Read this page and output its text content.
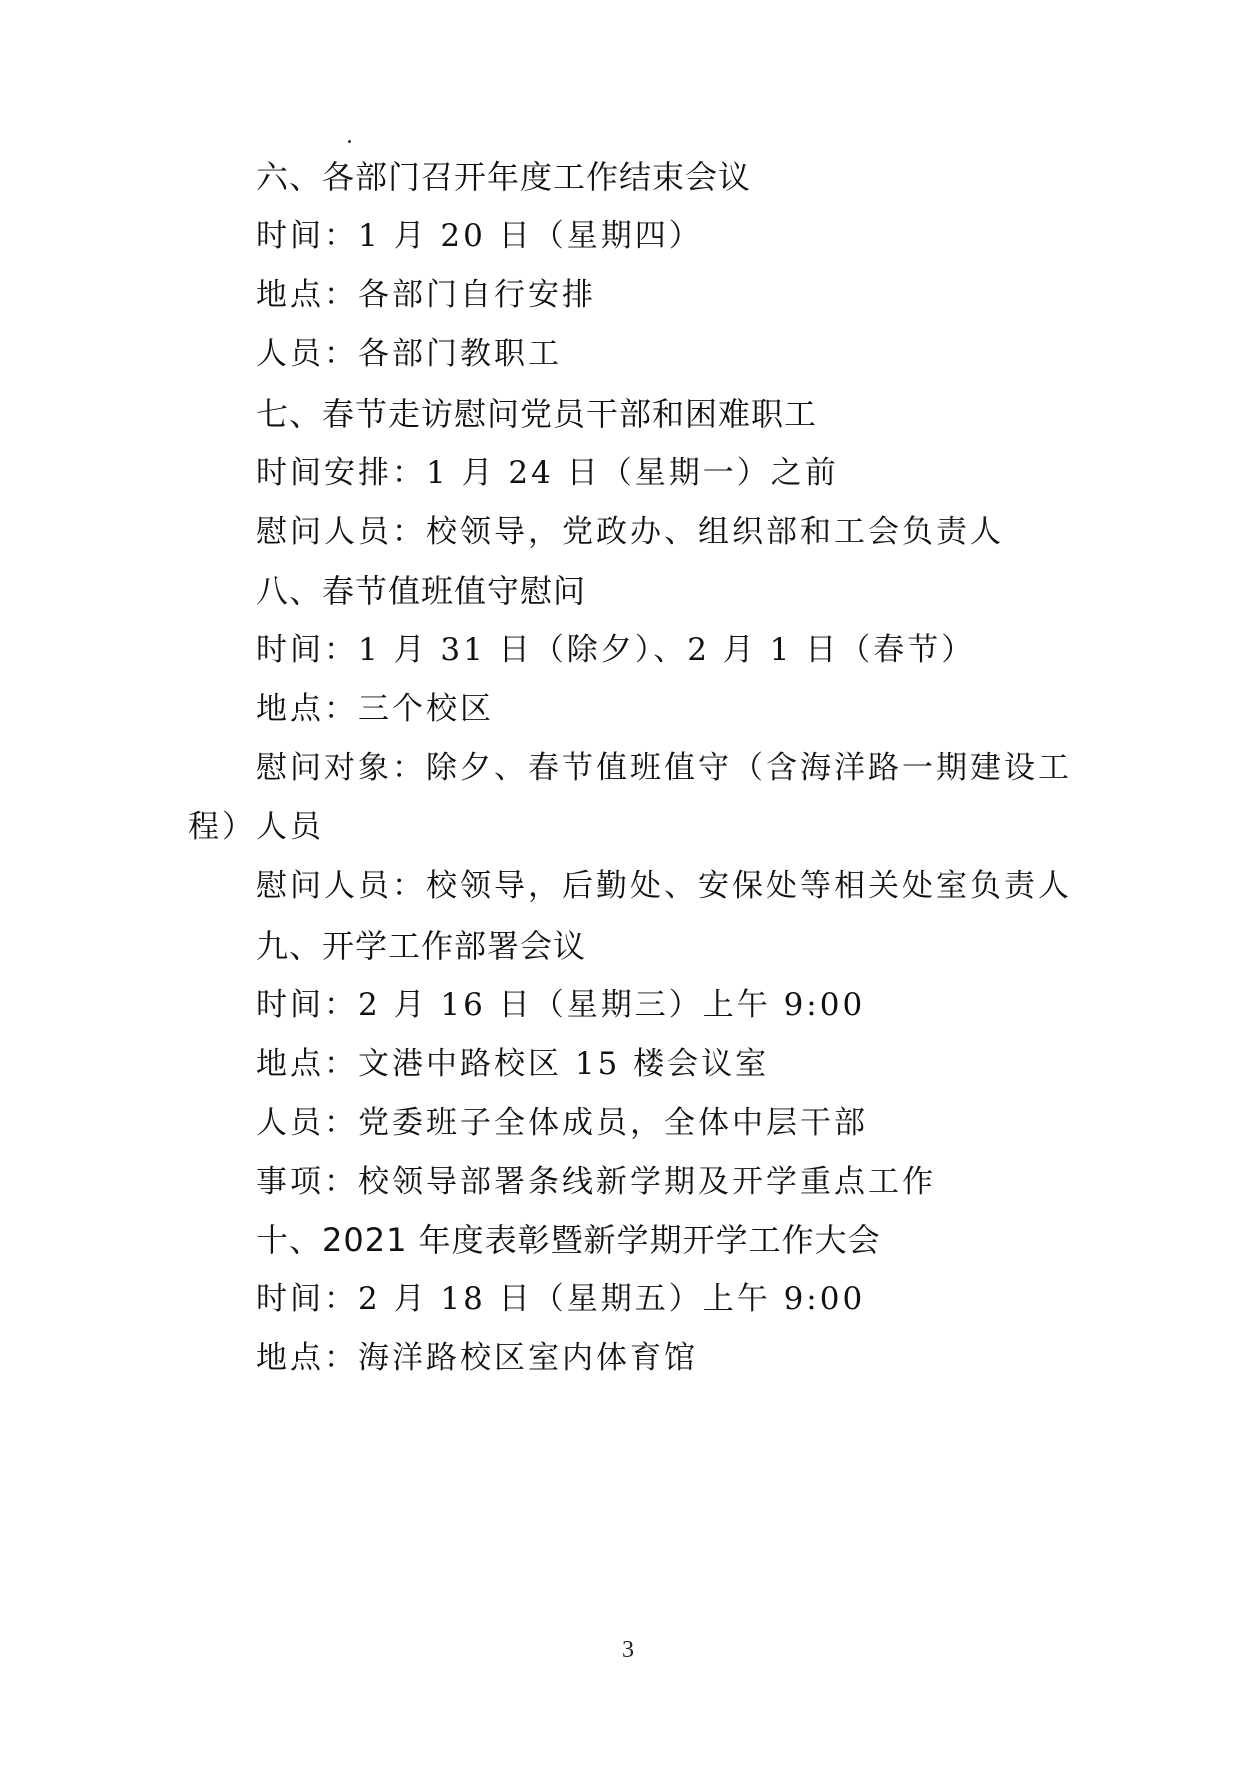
六、各部门召开年度工作结束会议
时间：1 月 20 日（星期四）
地点：各部门自行安排
人员：各部门教职工
七、春节走访慰问党员干部和困难职工
时间安排：1 月 24 日（星期一）之前
慰问人员：校领导，党政办、组织部和工会负责人
八、春节值班值守慰问
时间：1 月 31 日（除夕）、2 月 1 日（春节）
地点：三个校区
慰问对象：除夕、春节值班值守（含海洋路一期建设工
程）人员
慰问人员：校领导，后勤处、安保处等相关处室负责人
九、开学工作部署会议
时间：2 月 16 日（星期三）上午 9:00
地点：文港中路校区 15 楼会议室
人员：党委班子全体成员，全体中层干部
事项：校领导部署条线新学期及开学重点工作
十、2021 年度表彰暨新学期开学工作大会
时间：2 月 18 日（星期五）上午 9:00
地点：海洋路校区室内体育馆
3
